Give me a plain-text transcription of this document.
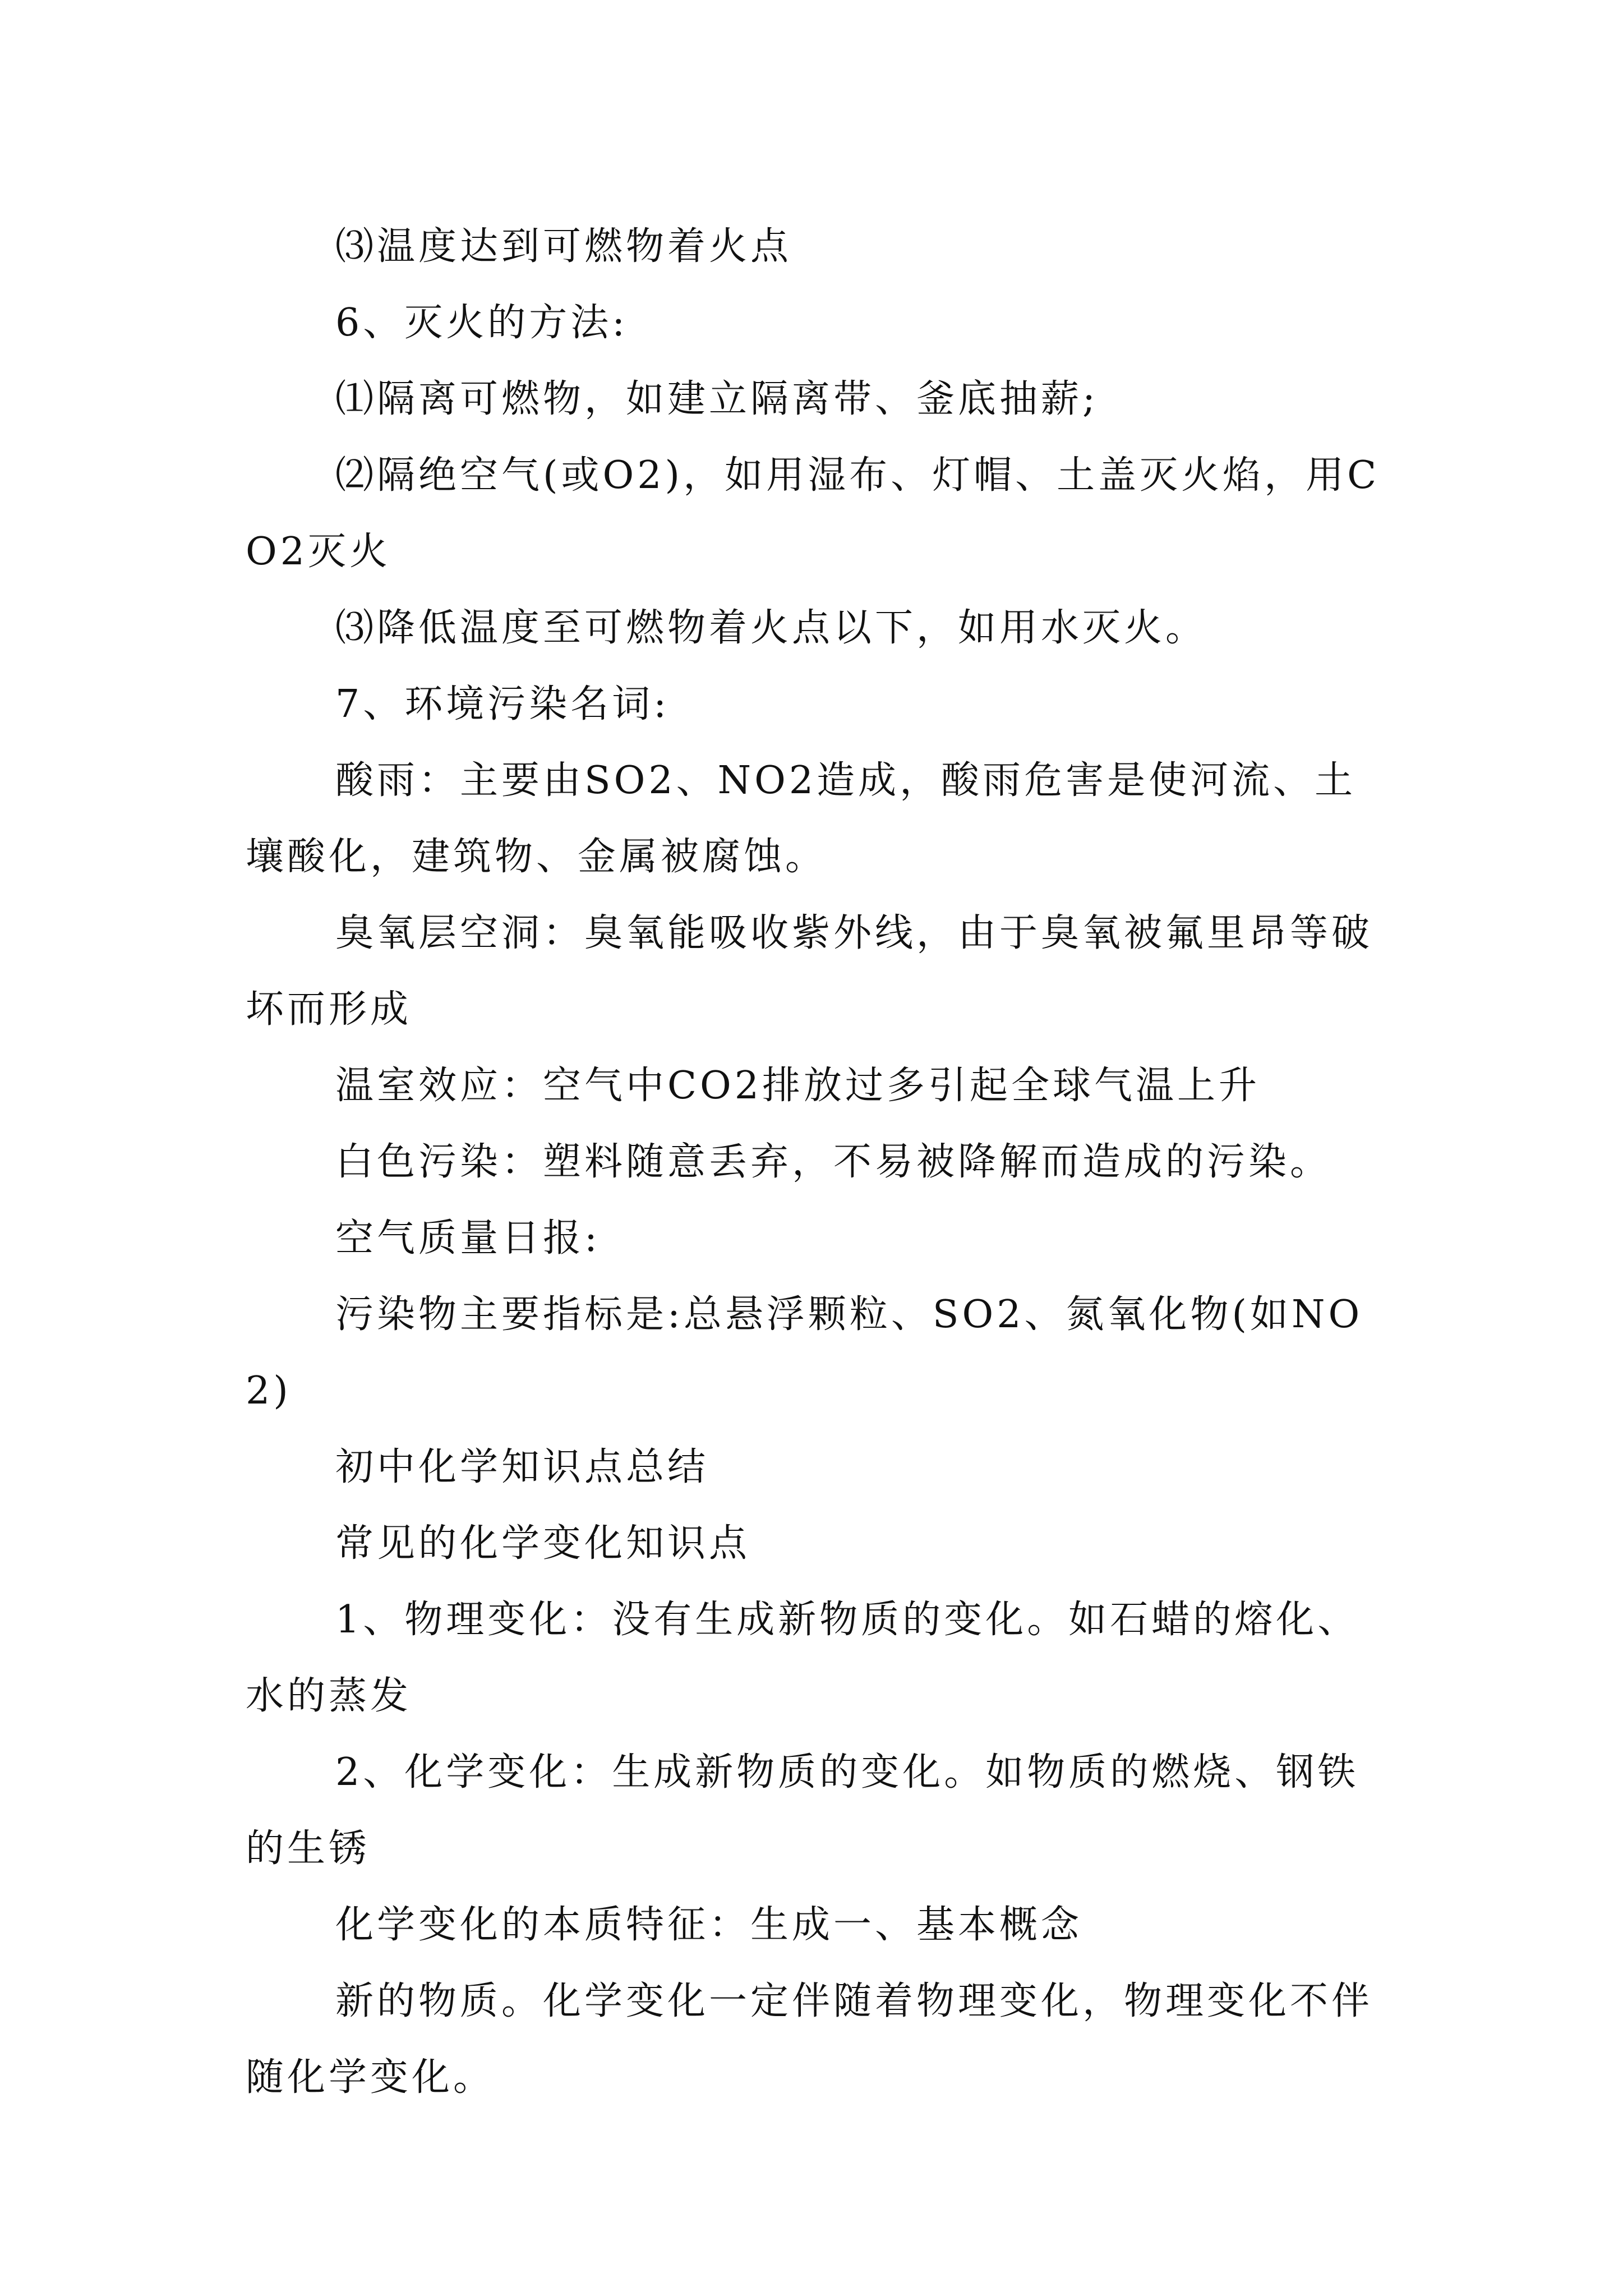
⑶温度达到可燃物着火点

6、灭火的方法:

⑴隔离可燃物，如建立隔离带、釜底抽薪;

⑵隔绝空气(或O2)，如用湿布、灯帽、土盖灭火焰，用CO2灭火

⑶降低温度至可燃物着火点以下，如用水灭火。

7、环境污染名词:

酸雨：主要由SO2、NO2造成，酸雨危害是使河流、土壤酸化，建筑物、金属被腐蚀。

臭氧层空洞：臭氧能吸收紫外线，由于臭氧被氟里昂等破坏而形成

温室效应：空气中CO2排放过多引起全球气温上升

白色污染：塑料随意丢弃，不易被降解而造成的污染。

空气质量日报:

污染物主要指标是:总悬浮颗粒、SO2、氮氧化物(如NO2)

初中化学知识点总结

常见的化学变化知识点

1、物理变化：没有生成新物质的变化。如石蜡的熔化、水的蒸发

2、化学变化：生成新物质的变化。如物质的燃烧、钢铁的生锈

化学变化的本质特征：生成一、基本概念

新的物质。化学变化一定伴随着物理变化，物理变化不伴随化学变化。
